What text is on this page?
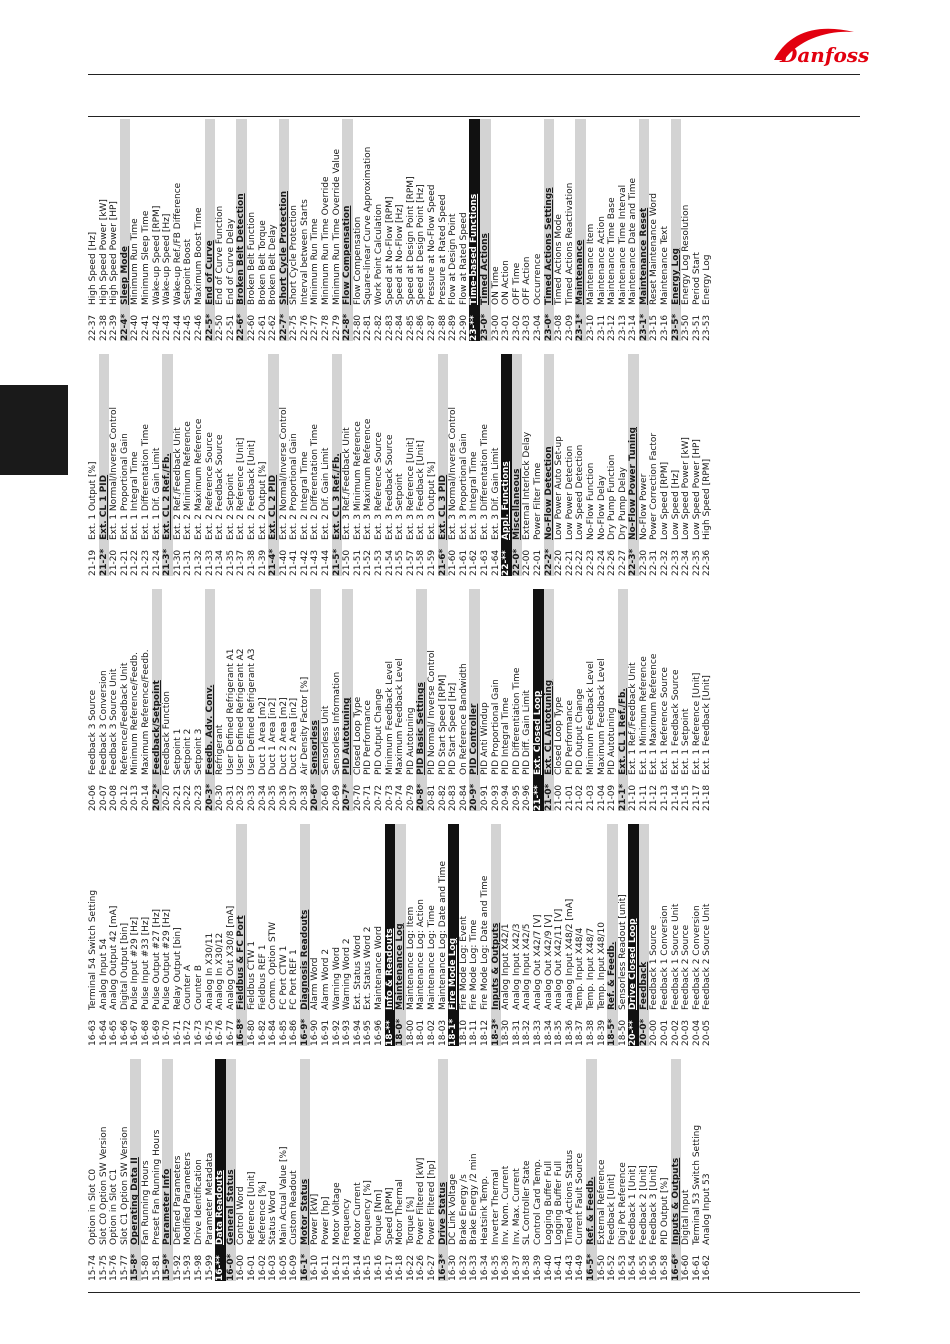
Danfoss
15-74
Option in Slot C0
15-75
Slot C0 Option SW Version
15-76
Option in Slot C1
15-77
Slot C1 Option SW Version
15-8*
Operating Data II
15-80
Fan Running Hours
15-81
Preset Fan Running Hours
15-9*
Parameter Info
15-92
Defined Parameters
15-93
Modified Parameters
15-98
Drive Identification
15-99
Parameter Metadata
16-**
Data Readouts
16-0*
General Status
16-00
Control Word
16-01
Reference [Unit]
16-02
Reference [%]
16-03
Status Word
16-05
Main Actual Value [%]
16-09
Custom Readout
16-1*
Motor Status
16-10
Power [kW]
16-11
Power [hp]
16-12
Motor Voltage
16-13
Frequency
16-14
Motor Current
16-15
Frequency [%]
16-16
Torque [Nm]
16-17
Speed [RPM]
16-18
Motor Thermal
16-22
Torque [%]
16-26
Power Filtered [kW]
16-27
Power Filtered [hp]
16-3*
Drive Status
16-30
DC Link Voltage
16-32
Brake Energy /s
16-33
Brake Energy /2 min
16-34
Heatsink Temp.
16-35
Inverter Thermal
16-36
Inv. Nom. Current
16-37
Inv. Max. Current
16-38
SL Controller State
16-39
Control Card Temp.
16-40
Logging Buffer Full
16-41
Logging Buffer Full
16-43
Timed Actions Status
16-49
Current Fault Source
16-5*
Ref. & Feedb.
16-50
External Reference
16-52
Feedback [Unit]
16-53
Digi Pot Reference
16-54
Feedback 1 [Unit]
16-55
Feedback 2 [Unit]
16-56
Feedback 3 [Unit]
16-58
PID Output [%]
16-6*
Inputs & Outputs
16-60
Digital Input
16-61
Terminal 53 Switch Setting
16-62
Analog Input 53
16-63
Terminal 54 Switch Setting
16-64
Analog Input 54
16-65
Analog Output 42 [mA]
16-66
Digital Output [bin]
16-67
Pulse Input #29 [Hz]
16-68
Pulse Input #33 [Hz]
16-69
Pulse Output #27 [Hz]
16-70
Pulse Output #29 [Hz]
16-71
Relay Output [bin]
16-72
Counter A
16-73
Counter B
16-75
Analog In X30/11
16-76
Analog In X30/12
16-77
Analog Out X30/8 [mA]
16-8*
Fieldbus & FC Port
16-80
Fieldbus CTW 1
16-82
Fieldbus REF 1
16-84
Comm. Option STW
16-85
FC Port CTW 1
16-86
FC Port REF 1
16-9*
Diagnosis Readouts
16-90
Alarm Word
16-91
Alarm Word 2
16-92
Warning Word
16-93
Warning Word 2
16-94
Ext. Status Word
16-95
Ext. Status Word 2
16-96
Maintenance Word
18-**
Info & Readouts
18-0*
Maintenance Log
18-00
Maintenance Log: Item
18-01
Maintenance Log: Action
18-02
Maintenance Log: Time
18-03
Maintenance Log: Date and Time
18-1*
Fire Mode Log
18-10
Fire Mode Log: Event
18-11
Fire Mode Log: Time
18-12
Fire Mode Log: Date and Time
18-3*
Inputs & Outputs
18-30
Analog Input X42/1
18-31
Analog Input X42/3
18-32
Analog Input X42/5
18-33
Analog Out X42/7 [V]
18-34
Analog Out X42/9 [V]
18-35
Analog Out X42/11 [V]
18-36
Analog Input X48/2 [mA]
18-37
Temp. Input X48/4
18-38
Temp. Input X48/7
18-39
Temp. Input X48/10
18-5*
Ref. & Feedb.
18-50
Sensorless Readout [unit]
20-**
Drive Closed Loop
20-0*
Feedback
20-00
Feedback 1 Source
20-01
Feedback 1 Conversion
20-02
Feedback 1 Source Unit
20-03
Feedback 2 Source
20-04
Feedback 2 Conversion
20-05
Feedback 2 Source Unit
20-06
Feedback 3 Source
20-07
Feedback 3 Conversion
20-08
Feedback 3 Source Unit
20-12
Reference/Feedback Unit
20-13
Minimum Reference/Feedb.
20-14
Maximum Reference/Feedb.
20-2*
Feedback/Setpoint
20-20
Feedback Function
20-21
Setpoint 1
20-22
Setpoint 2
20-23
Setpoint 3
20-3*
Feedb. Adv. Conv.
20-30
Refrigerant
20-31
User Defined Refrigerant A1
20-32
User Defined Refrigerant A2
20-33
User Defined Refrigerant A3
20-34
Duct 1 Area [m2]
20-35
Duct 1 Area [in2]
20-36
Duct 2 Area [m2]
20-37
Duct 2 Area [in2]
20-38
Air Density Factor [%]
20-6*
Sensorless
20-60
Sensorless Unit
20-69
Sensorless Information
20-7*
PID Autotuning
20-70
Closed Loop Type
20-71
PID Performance
20-72
PID Output Change
20-73
Minimum Feedback Level
20-74
Maximum Feedback Level
20-79
PID Autotuning
20-8*
PID Basic Settings
20-81
PID Normal/ Inverse Control
20-82
PID Start Speed [RPM]
20-83
PID Start Speed [Hz]
20-84
On Reference Bandwidth
20-9*
PID Controller
20-91
PID Anti Windup
20-93
PID Proportional Gain
20-94
PID Integral Time
20-95
PID Differentiation Time
20-96
PID Diff. Gain Limit
21-**
Ext. Closed Loop
21-0*
Ext. CL Autotuning
21-00
Closed Loop Type
21-01
PID Performance
21-02
PID Output Change
21-03
Minimum Feedback Level
21-04
Maximum Feedback Level
21-09
PID Autotuning
21-1*
Ext. CL 1 Ref./Fb.
21-10
Ext. 1 Ref./Feedback Unit
21-11
Ext. 1 Minimum Reference
21-12
Ext. 1 Maximum Reference
21-13
Ext. 1 Reference Source
21-14
Ext. 1 Feedback Source
21-15
Ext. 1 Setpoint
21-17
Ext. 1 Reference [Unit]
21-18
Ext. 1 Feedback [Unit]
21-19
Ext. 1 Output [%]
21-2*
Ext. CL 1 PID
21-20
Ext. 1 Normal/Inverse Control
21-21
Ext. 1 Proportional Gain
21-22
Ext. 1 Integral Time
21-23
Ext. 1 Differentation Time
21-24
Ext. 1 Dif. Gain Limit
21-3*
Ext. CL 2 Ref./Fb.
21-30
Ext. 2 Ref./Feedback Unit
21-31
Ext. 2 Minimum Reference
21-32
Ext. 2 Maximum Reference
21-33
Ext. 2 Reference Source
21-34
Ext. 2 Feedback Source
21-35
Ext. 2 Setpoint
21-37
Ext. 2 Reference [Unit]
21-38
Ext. 2 Feedback [Unit]
21-39
Ext. 2 Output [%]
21-4*
Ext. CL 2 PID
21-40
Ext. 2 Normal/Inverse Control
21-41
Ext. 2 Proportional Gain
21-42
Ext. 2 Integral Time
21-43
Ext. 2 Differentation Time
21-44
Ext. 2 Dif. Gain Limit
21-5*
Ext. CL 3 Ref./Fb.
21-50
Ext. 3 Ref./Feedback Unit
21-51
Ext. 3 Minimum Reference
21-52
Ext. 3 Maximum Reference
21-53
Ext. 3 Reference Source
21-54
Ext. 3 Feedback Source
21-55
Ext. 3 Setpoint
21-57
Ext. 3 Reference [Unit]
21-58
Ext. 3 Feedback [Unit]
21-59
Ext. 3 Output [%]
21-6*
Ext. CL 3 PID
21-60
Ext. 3 Normal/Inverse Control
21-61
Ext. 3 Proportional Gain
21-62
Ext. 3 Integral Time
21-63
Ext. 3 Differentation Time
21-64
Ext. 3 Dif. Gain Limit
22-**
Appl. Functions
22-0*
Miscellaneous
22-00
External Interlock Delay
22-01
Power Filter Time
22-2*
No-Flow Detection
22-20
Low Power Auto Set-up
22-21
Low Power Detection
22-22
Low Speed Detection
22-23
No-Flow Function
22-24
No-Flow Delay
22-26
Dry Pump Function
22-27
Dry Pump Delay
22-3*
No-Flow Power Tuning
22-30
No-Flow Power
22-31
Power Correction Factor
22-32
Low Speed [RPM]
22-33
Low Speed [Hz]
22-34
Low Speed Power [kW]
22-35
Low Speed Power [HP]
22-36
High Speed [RPM]
22-37
High Speed [Hz]
22-38
High Speed Power [kW]
22-39
High Speed Power [HP]
22-4*
Sleep Mode
22-40
Minimum Run Time
22-41
Minimum Sleep Time
22-42
Wake-up Speed [RPM]
22-43
Wake-up Speed [Hz]
22-44
Wake-up Ref./FB Difference
22-45
Setpoint Boost
22-46
Maximum Boost Time
22-5*
End of Curve
22-50
End of Curve Function
22-51
End of Curve Delay
22-6*
Broken Belt Detection
22-60
Broken Belt Function
22-61
Broken Belt Torque
22-62
Broken Belt Delay
22-7*
Short Cycle Protection
22-75
Short Cycle Protection
22-76
Interval between Starts
22-77
Minimum Run Time
22-78
Minimum Run Time Override
22-79
Minimum Run Time Override Value
22-8*
Flow Compensation
22-80
Flow Compensation
22-81
Square-linear Curve Approximation
22-82
Work Point Calculation
22-83
Speed at No-Flow [RPM]
22-84
Speed at No-Flow [Hz]
22-85
Speed at Design Point [RPM]
22-86
Speed at Design Point [Hz]
22-87
Pressure at No-Flow Speed
22-88
Pressure at Rated Speed
22-89
Flow at Design Point
22-90
Flow at Rated Speed
23-**
Time-based Functions
23-0*
Timed Actions
23-00
ON Time
23-01
ON Action
23-02
OFF Time
23-03
OFF Action
23-04
Occurrence
23-0*
Timed Actions Settings
23-08
Timed Actions Mode
23-09
Timed Actions Reactivation
23-1*
Maintenance
23-10
Maintenance Item
23-11
Maintenance Action
23-12
Maintenance Time Base
23-13
Maintenance Time Interval
23-14
Maintenance Date and Time
23-1*
Maintenance Reset
23-15
Reset Maintenance Word
23-16
Maintenance Text
23-5*
Energy Log
23-50
Energy Log Resolution
23-51
Period Start
23-53
Energy Log
